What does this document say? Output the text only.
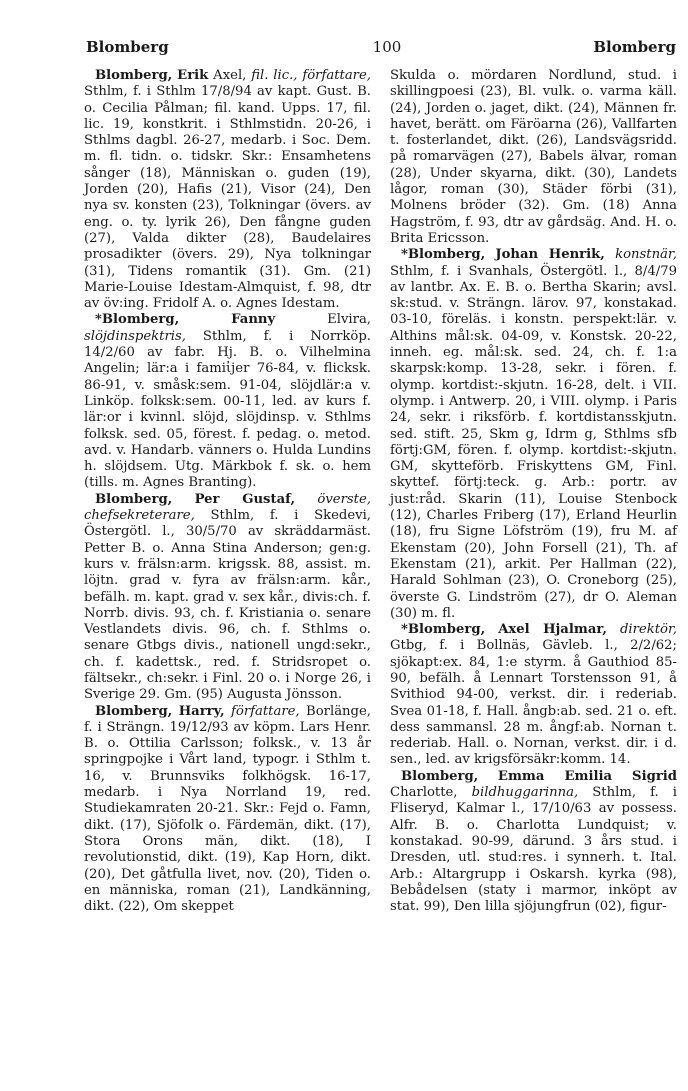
Blomberg	100	Blomberg

Blomberg, Erik Axel, fil. lic., författare, Sthlm, f. i Sthlm 17/8/94 av kapt. Gust. B. o. Cecilia Pålman; fil. kand. Upps. 17, fil. lic. 19, konstkrit. i Sthlmstidn. 20-26, i Sthlms dagbl. 26-27, medarb. i Soc. Dem. m. fl. tidn. o. tidskr. Skr.: Ensamhetens sånger (18), Människan o. guden (19), Jorden (20), Hafis (21), Visor (24), Den nya sv. konsten (23), Tolkningar (övers. av eng. o. ty. lyrik 26), Den fångne guden (27), Valda dikter (28), Baudelaires prosadikter (övers. 29), Nya tolkningar (31), Tidens romantik (31). Gm. (21) Marie-Louise Idestam-Almquist, f. 98, dtr av öv:ing. Fridolf A. o. Agnes Idestam.

*Blomberg,	Fanny Elvira, slöjdinspektris, Sthlm, f. i Norrköp. 14/2/60 av fabr. Hj. B. o. Vilhelmina Angelin; lär:a i famiἰjer 76-84, v. flicksk. 86-91, v. småsk:sem. 91-04, slöjdlär:a v. Linköp. folksk:sem. 00-11, led. av kurs f. lär:or i kvinnl. slöjd, slöjdinsp. v. Sthlms folksk. sed. 05, förest. f. pedag. o. metod. avd. v. Handarb. vänners o. Hulda Lundins h. slöjdsem. Utg. Märkbok f. sk. o. hem (tills. m. Agnes Branting).

Blomberg, Per Gustaf, överste, chefsekreterare, Sthlm, f. i Skedevi, Östergötl. l., 30/5/70 av skräddarmäst. Petter B. o. Anna Stina Anderson; gen:g. kurs v. frälsn:arm. krigssk. 88, assist. m. löjtn. grad v. fyra av frälsn:arm. kår., befälh. m. kapt. grad v. sex kår., divis:ch. f. Norrb. divis. 93, ch. f. Kristiania o. senare Vestlandets divis. 96, ch. f. Sthlms o. senare Gtbgs divis., nationell ungd:sekr., ch. f. kadettsk., red. f. Stridsropet o. fältsekr., ch:sekr. i Finl. 20 o. i Norge 26, i Sverige 29. Gm. (95) Augusta Jönsson.

Blomberg, Harry, författare, Borlänge, f. i Strängn. 19/12/93 av köpm. Lars Henr. B. o. Ottilia Carlsson; folksk., v. 13 år springpojke i Vårt land, typogr. i Sthlm t. 16, v. Brunnsviks folkhögsk. 16-17, medarb. i Nya Norrland 19, red. Studiekamraten 20-21. Skr.: Fejd o. Famn, dikt. (17), Sjöfolk o. Färdemän, dikt. (17), Stora Orons män, dikt. (18), I revolutionstid, dikt. (19), Kap Horn, dikt. (20), Det gåtfulla livet, nov. (20), Tiden o. en människa, roman (21), Landkänning, dikt. (22), Om skeppet

Skulda o. mördaren Nordlund, stud. i skillingpoesi (23), Bl. vulk. o. varma käll. (24), Jorden o. jaget, dikt. (24), Männen fr. havet, berätt. om Färöarna (26), Vallfarten t. fosterlandet, dikt. (26), Landsvägsridd. på romarvägen (27), Babels älvar, roman (28), Under skyarna, dikt. (30), Landets lågor, roman (30), Städer förbi (31), Molnens bröder (32). Gm. (18) Anna Hagström, f. 93, dtr av gårdsäg. And. H. o. Brita Ericsson.

*Blomberg, Johan Henrik, konstnär, Sthlm, f. i Svanhals, Östergötl. l., 8/4/79 av lantbr. Ax. E. B. o. Bertha Skarin; avsl. sk:stud. v. Strängn. lärov. 97, konstakad. 03-10, föreläs. i konstn. perspekt:lär. v. Althins mål:sk. 04-09, v. Konstsk. 20-22, inneh. eg. mål:sk. sed. 24, ch. f. 1:a skarpsk:komp. 13-28, sekr. i fören. f. olymp. kortdist:-skjutn. 16-28, delt. i VII. olymp. i Antwerp. 20, i VIII. olymp. i Paris 24, sekr. i riksförb. f. kortdistansskjutn. sed. stift. 25, Skm g, Idrm g, Sthlms sfb förtj:GM, fören. f. olymp. kortdist:-skjutn. GM, skytteförb. Friskyttens GM, Finl. skyttef. förtj:teck. g. Arb.: portr. av just:råd. Skarin (11), Louise Stenbock (12), Charles Friberg (17), Erland Heurlin (18), fru Signe Löfström (19), fru M. af Ekenstam (20), John Forsell (21), Th. af Ekenstam (21), arkit. Per Hallman (22), Harald Sohlman (23), O. Croneborg (25), överste G. Lindström (27), dr O. Aleman (30) m. fl.

*Blomberg, Axel Hjalmar, direktör, Gtbg, f. i Bollnäs, Gävleb. l., 2/2/62; sjökapt:ex. 84, 1:e styrm. å Gauthiod 85-90, befälh. å Lennart Torstensson 91, å Svithiod 94-00, verkst. dir. i rederiab. Svea 01-18, f. Hall. ångb:ab. sed. 21 o. eft. dess sammansl. 28 m. ångf:ab. Nornan t. rederiab. Hall. o. Nornan, verkst. dir. i d. sen., led. av krigsförsäkr:komm. 14.

Blomberg, Emma Emilia Sigrid Charlotte, bildhuggarinna, Sthlm, f. i Fliseryd, Kalmar l., 17/10/63 av possess. Alfr. B. o. Charlotta Lundquist; v. konstakad. 90-99, därund. 3 års stud. i Dresden, utl. stud:res. i synnerh. t. Ital. Arb.: Altargrupp i Oskarsh. kyrka (98), Bebådelsen (staty i marmor, inköpt av stat. 99), Den lilla sjöjungfrun (02), figur-
